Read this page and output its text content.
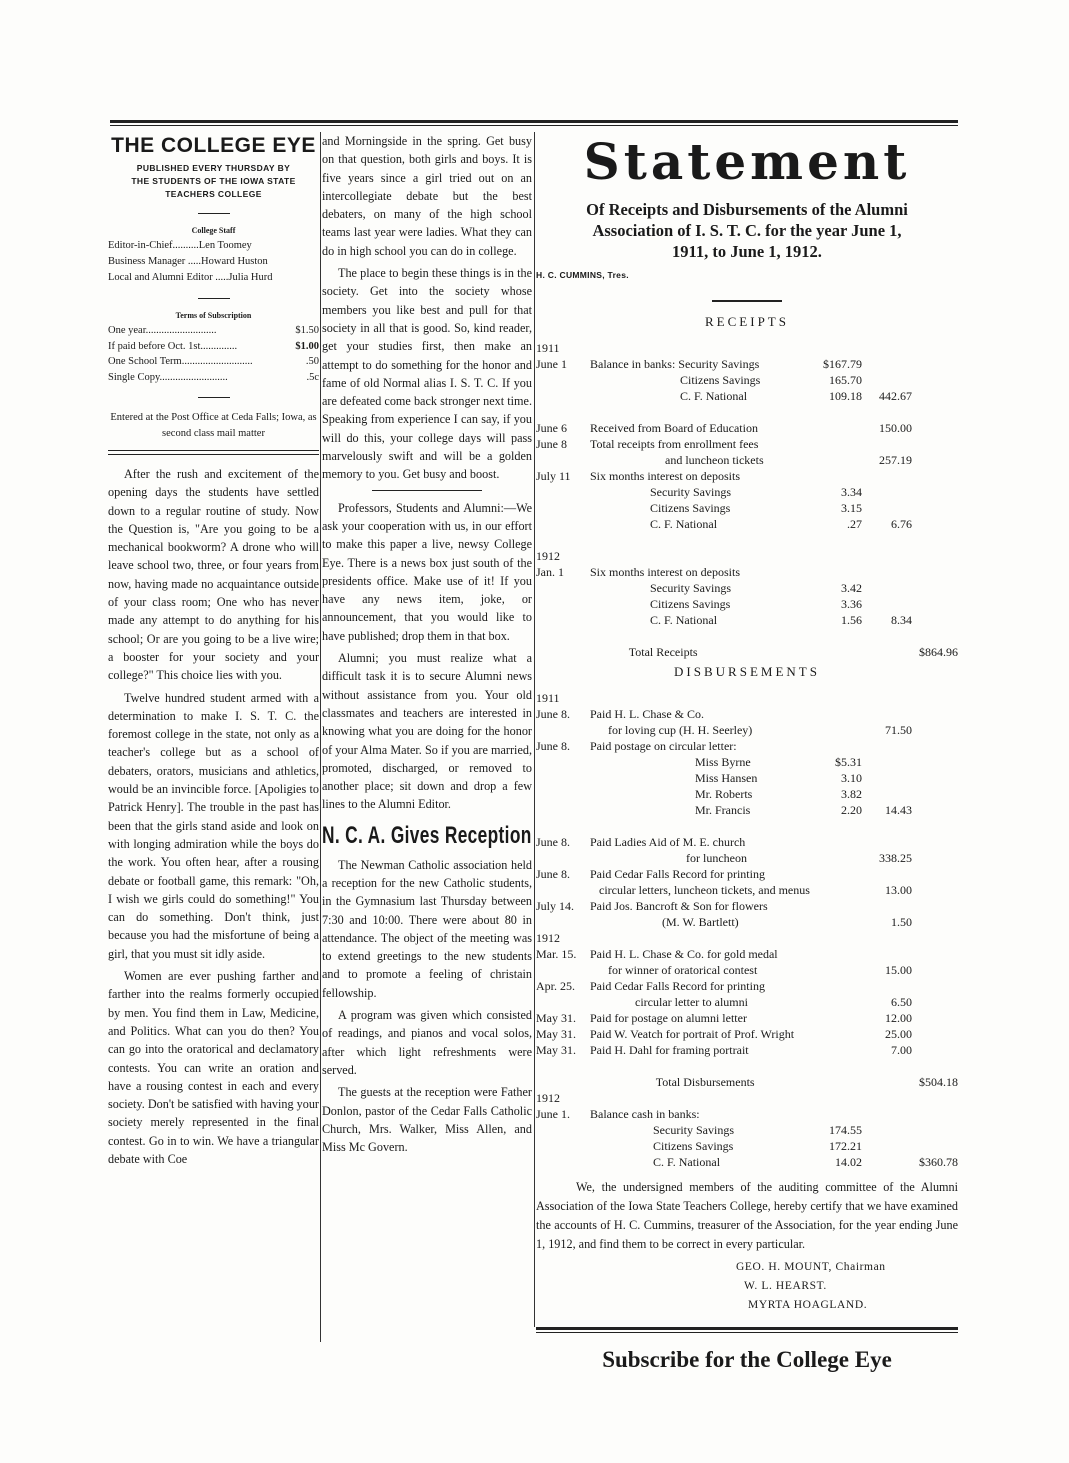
THE COLLEGE EYE
PUBLISHED EVERY THURSDAY BY
THE STUDENTS OF THE IOWA STATE
TEACHERS COLLEGE
College Staff
Editor-in-Chief..........Len Toomey
Business Manager .....Howard Huston
Local and Alumni Editor .....Julia Hurd
Terms of Subscription
One year...........................	$1.50
If paid before Oct. 1st..............	$1.00
One School Term...........................	.50
Single Copy..........................	.5c
Entered at the Post Office at Ceda Falls; Iowa, as second class mail matter

After the rush and excitement of the opening days the students have settled down to a regular routine of study. Now the Question is, "Are you going to be a mechanical bookworm? A drone who will leave school two, three, or four years from now, having made no acquaintance outside of your class room; One who has never made any attempt to do anything for his school; Or are you going to be a live wire; a booster for your society and your college?" This choice lies with you.

Twelve hundred student armed with a determination to make I. S. T. C. the foremost college in the state, not only as a teacher's college but as a school of debaters, orators, musicians and athletics, would be an invincible force. [Apoligies to Patrick Henry]. The trouble in the past has been that the girls stand aside and look on with longing admiration while the boys do the work. You often hear, after a rousing debate or football game, this remark: "Oh, I wish we girls could do something!" You can do something. Don't think, just because you had the misfortune of being a girl, that you must sit idly aside.

Women are ever pushing farther and farther into the realms formerly occupied by men. You find them in Law, Medicine, and Politics. What can you do then? You can go into the oratorical and declamatory contests. You can write an oration and have a rousing contest in each and every society. Don't be satisfied with having your society merely represented in the final contest. Go in to win. We have a triangular debate with Coe

and Morningside in the spring. Get busy on that question, both girls and boys. It is five years since a girl tried out on an intercollegiate debate but the best debaters, on many of the high school teams last year were ladies. What they can do in high school you can do in college.

The place to begin these things is in the society. Get into the society whose members you like best and pull for that society in all that is good. So, kind reader, get your studies first, then make an attempt to do something for the honor and fame of old Normal alias I. S. T. C. If you are defeated come back stronger next time. Speaking from experience I can say, if you will do this, your college days will pass marvelously swift and will be a golden memory to you. Get busy and boost.

Professors, Students and Alumni:—We ask your cooperation with us, in our effort to make this paper a live, newsy College Eye. There is a news box just south of the presidents office. Make use of it! If you have any news item, joke, or announcement, that you would like to have published; drop them in that box.

Alumni; you must realize what a difficult task it is to secure Alumni news without assistance from you. Your old classmates and teachers are interested in knowing what you are doing for the honor of your Alma Mater. So if you are married, promoted, discharged, or removed to another place; sit down and drop a few lines to the Alumni Editor.

N. C. A. Gives Reception

The Newman Catholic association held a reception for the new Catholic students, in the Gymnasium last Thursday between 7:30 and 10:00. There were about 80 in attendance. The object of the meeting was to extend greetings to the new students and to promote a feeling of christain fellowship.

A program was given which consisted of readings, and pianos and vocal solos, after which light refreshments were served.

The guests at the reception were Father Donlon, pastor of the Cedar Falls Catholic Church, Mrs. Walker, Miss Allen, and Miss Mc Govern.

Statement
Of Receipts and Disbursements of the Alumni
Association of I. S. T. C. for the year June 1,
1911, to June 1, 1912.
H. C. CUMMINS, Tres.
RECEIPTS
1911
June 1 Balance in banks: Security Savings	$167.79
Citizens Savings	165.70
C. F. National	109.18 442.67
June 6 Received from Board of Education	150.00
June 8 Total receipts from enrollment fees
and luncheon tickets	257.19
July 11 Six months interest on deposits
Security Savings	3.34
Citizens Savings	3.15
C. F. National	.27 6.76
1912
Jan. 1 Six months interest on deposits
Security Savings	3.42
Citizens Savings	3.36
C. F. National	1.56 8.34
Total Receipts	$864.96
DISBURSEMENTS
1911
June 8. Paid H. L. Chase & Co.
for loving cup (H. H. Seerley)	71.50
June 8. Paid postage on circular letter:
Miss Byrne	$5.31
Miss Hansen	3.10
Mr. Roberts	3.82
Mr. Francis	2.20 14.43
June 8. Paid Ladies Aid of M. E. church
for luncheon	338.25
June 8. Paid Cedar Falls Record for printing
circular letters, luncheon tickets, and menus	13.00
July 14. Paid Jos. Bancroft & Son for flowers
(M. W. Bartlett)	1.50
1912
Mar. 15. Paid H. L. Chase & Co. for gold medal
for winner of oratorical contest	15.00
Apr. 25. Paid Cedar Falls Record for printing
circular letter to alumni	6.50
May 31. Paid for postage on alumni letter	12.00
May 31. Paid W. Veatch for portrait of Prof. Wright	25.00
May 31. Paid H. Dahl for framing portrait	7.00
Total Disbursements	$504.18
1912
June 1. Balance cash in banks:
Security Savings	174.55
Citizens Savings	172.21
C. F. National	14.02	$360.78

We, the undersigned members of the auditing committee of the Alumni Association of the Iowa State Teachers College, hereby certify that we have examined the accounts of H. C. Cummins, treasurer of the Association, for the year ending June 1, 1912, and find them to be correct in every particular.

GEO. H. MOUNT, Chairman
W. L. HEARST.
MYRTA HOAGLAND.
Subscribe for the College Eye
